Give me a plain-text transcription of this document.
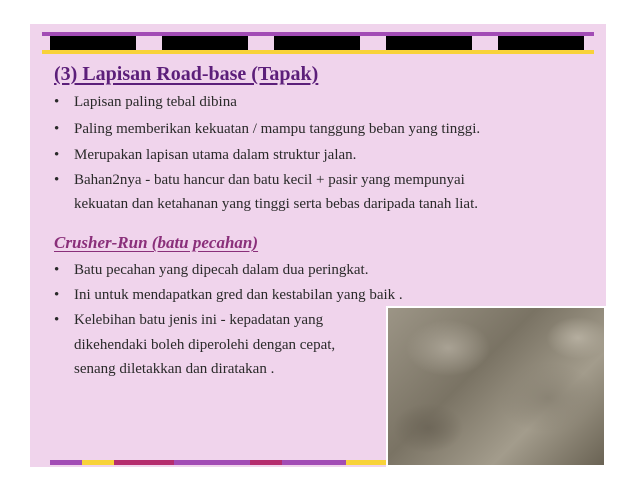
(3) Lapisan Road-base (Tapak)
• Lapisan paling tebal dibina
• Paling memberikan kekuatan / mampu tanggung beban yang tinggi.
• Merupakan lapisan utama dalam struktur jalan.
• Bahan2nya - batu hancur dan batu kecil + pasir yang mempunyai
kekuatan dan ketahanan yang tinggi serta bebas daripada tanah liat.
Crusher-Run (batu pecahan)
• Batu pecahan yang dipecah dalam dua peringkat.
• Ini untuk mendapatkan gred dan kestabilan yang baik .
• Kelebihan batu jenis ini - kepadatan yang
dikehendaki boleh diperolehi dengan cepat,
senang diletakkan dan diratakan .
